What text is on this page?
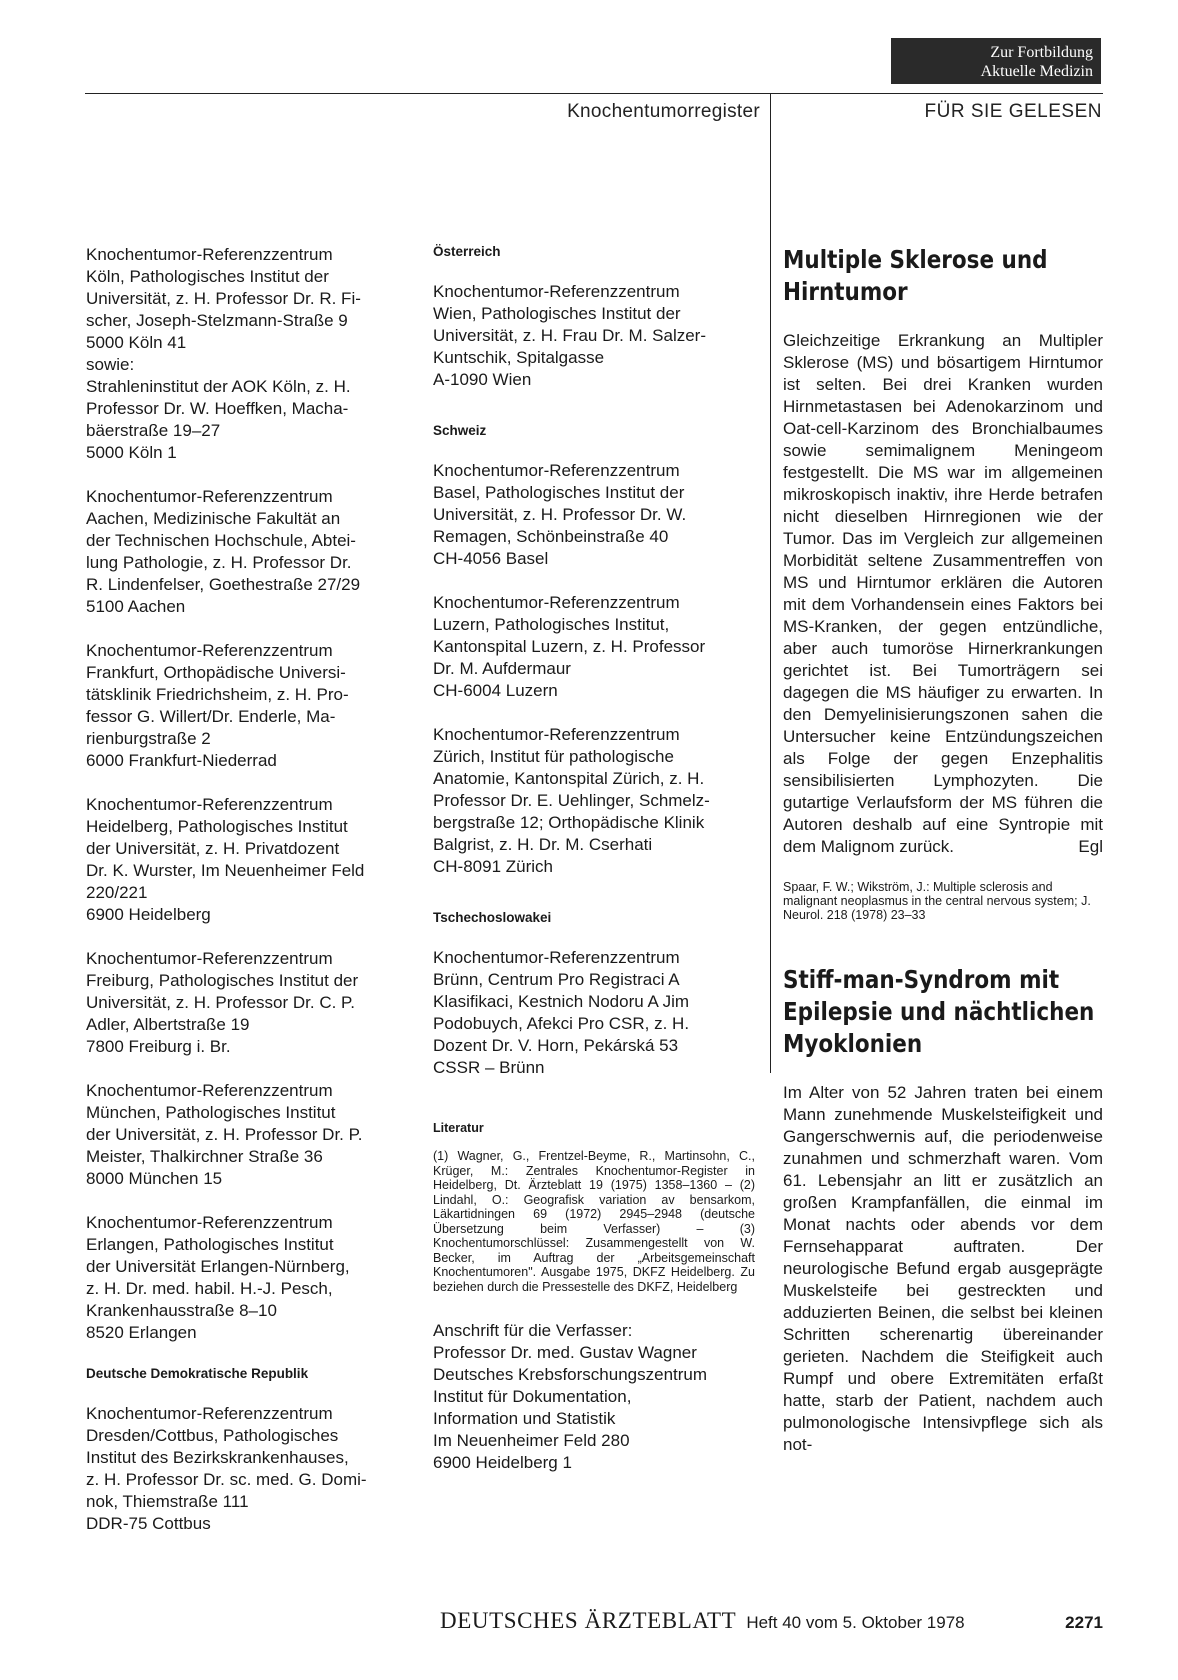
Zur Fortbildung
Aktuelle Medizin
Knochentumorregister	FÜR SIE GELESEN
Knochentumor-Referenzzentrum
Köln, Pathologisches Institut der
Universität, z. H. Professor Dr. R. Fi-
scher, Joseph-Stelzmann-Straße 9
5000 Köln 41
sowie:
Strahleninstitut der AOK Köln, z. H.
Professor Dr. W. Hoeffken, Macha-
bäerstraße 19–27
5000 Köln 1
Knochentumor-Referenzzentrum
Aachen, Medizinische Fakultät an
der Technischen Hochschule, Abtei-
lung Pathologie, z. H. Professor Dr.
R. Lindenfelser, Goethestraße 27/29
5100 Aachen
Knochentumor-Referenzzentrum
Frankfurt, Orthopädische Universi-
tätsklinik Friedrichsheim, z. H. Pro-
fessor G. Willert/Dr. Enderle, Ma-
rienburgstraße 2
6000 Frankfurt-Niederrad
Knochentumor-Referenzzentrum
Heidelberg, Pathologisches Institut
der Universität, z. H. Privatdozent
Dr. K. Wurster, Im Neuenheimer Feld
220/221
6900 Heidelberg
Knochentumor-Referenzzentrum
Freiburg, Pathologisches Institut der
Universität, z. H. Professor Dr. C. P.
Adler, Albertstraße 19
7800 Freiburg i. Br.
Knochentumor-Referenzzentrum
München, Pathologisches Institut
der Universität, z. H. Professor Dr. P.
Meister, Thalkirchner Straße 36
8000 München 15
Knochentumor-Referenzzentrum
Erlangen, Pathologisches Institut
der Universität Erlangen-Nürnberg,
z. H. Dr. med. habil. H.-J. Pesch,
Krankenhausstraße 8–10
8520 Erlangen
Deutsche Demokratische Republik
Knochentumor-Referenzzentrum
Dresden/Cottbus, Pathologisches
Institut des Bezirkskrankenhauses,
z. H. Professor Dr. sc. med. G. Domi-
nok, Thiemstraße 111
DDR-75 Cottbus
Österreich
Knochentumor-Referenzzentrum
Wien, Pathologisches Institut der
Universität, z. H. Frau Dr. M. Salzer-
Kuntschik, Spitalgasse
A-1090 Wien
Schweiz
Knochentumor-Referenzzentrum
Basel, Pathologisches Institut der
Universität, z. H. Professor Dr. W.
Remagen, Schönbeinstraße 40
CH-4056 Basel
Knochentumor-Referenzzentrum
Luzern, Pathologisches Institut,
Kantonspital Luzern, z. H. Professor
Dr. M. Aufdermaur
CH-6004 Luzern
Knochentumor-Referenzzentrum
Zürich, Institut für pathologische
Anatomie, Kantonspital Zürich, z. H.
Professor Dr. E. Uehlinger, Schmelz-
bergstraße 12; Orthopädische Klinik
Balgrist, z. H. Dr. M. Cserhati
CH-8091 Zürich
Tschechoslowakei
Knochentumor-Referenzzentrum
Brünn, Centrum Pro Registraci A
Klasifikaci, Kestnich Nodoru A Jim
Podobuych, Afekci Pro CSR, z. H.
Dozent Dr. V. Horn, Pekárská 53
CSSR – Brünn
Literatur
(1) Wagner, G., Frentzel-Beyme, R., Martinsohn, C., Krüger, M.: Zentrales Knochentumor-Register in Heidelberg, Dt. Ärzteblatt 19 (1975) 1358–1360 – (2) Lindahl, O.: Geografisk variation av bensarkom, Läkartidningen 69 (1972) 2945–2948 (deutsche Übersetzung beim Verfasser) – (3) Knochentumorschlüssel: Zusammengestellt von W. Becker, im Auftrag der „Arbeitsgemeinschaft Knochentumoren". Ausgabe 1975, DKFZ Heidelberg. Zu beziehen durch die Pressestelle des DKFZ, Heidelberg
Anschrift für die Verfasser:
Professor Dr. med. Gustav Wagner
Deutsches Krebsforschungszentrum
Institut für Dokumentation,
Information und Statistik
Im Neuenheimer Feld 280
6900 Heidelberg 1
Multiple Sklerose und Hirntumor
Gleichzeitige Erkrankung an Multipler Sklerose (MS) und bösartigem Hirntumor ist selten. Bei drei Kranken wurden Hirnmetastasen bei Adenokarzinom und Oat-cell-Karzinom des Bronchialbaumes sowie semimalignem Meningeom festgestellt. Die MS war im allgemeinen mikroskopisch inaktiv, ihre Herde betrafen nicht dieselben Hirnregionen wie der Tumor. Das im Vergleich zur allgemeinen Morbidität seltene Zusammentreffen von MS und Hirntumor erklären die Autoren mit dem Vorhandensein eines Faktors bei MS-Kranken, der gegen entzündliche, aber auch tumoröse Hirnerkrankungen gerichtet ist. Bei Tumorträgern sei dagegen die MS häufiger zu erwarten. In den Demyelinisierungszonen sahen die Untersucher keine Entzündungszeichen als Folge der gegen Enzephalitis sensibilisierten Lymphozyten. Die gutartige Verlaufsform der MS führen die Autoren deshalb auf eine Syntropie mit dem Malignom zurück.	Egl
Spaar, F. W.; Wikström, J.: Multiple sclerosis and malignant neoplasmus in the central nervous system; J. Neurol. 218 (1978) 23–33
Stiff-man-Syndrom mit Epilepsie und nächtlichen Myoklonien
Im Alter von 52 Jahren traten bei einem Mann zunehmende Muskelsteifigkeit und Gangerschwernis auf, die periodenweise zunahmen und schmerzhaft waren. Vom 61. Lebensjahr an litt er zusätzlich an großen Krampfanfällen, die einmal im Monat nachts oder abends vor dem Fernsehapparat auftraten. Der neurologische Befund ergab ausgeprägte Muskelsteife bei gestreckten und adduzierten Beinen, die selbst bei kleinen Schritten scherenartig übereinander gerieten. Nachdem die Steifigkeit auch Rumpf und obere Extremitäten erfaßt hatte, starb der Patient, nachdem auch pulmonologische Intensivpflege sich als not-
DEUTSCHES ÄRZTEBLATT Heft 40 vom 5. Oktober 1978	2271
